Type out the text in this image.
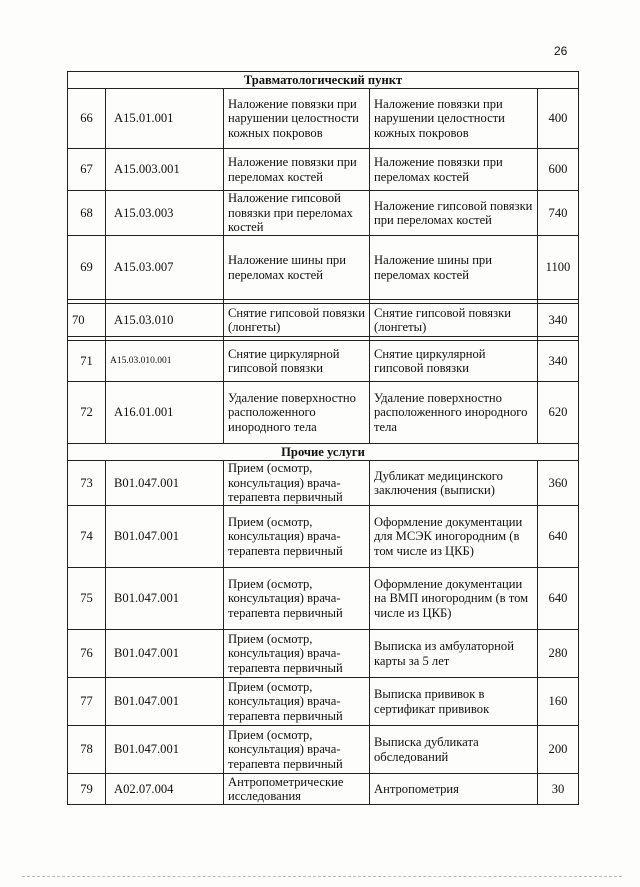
26
Травматологический пункт				
66	А15.01.001	Наложение повязки при нарушении целостности кожных покровов	Наложение повязки при нарушении целостности кожных покровов	400
67	А15.003.001	Наложение повязки при переломах костей	Наложение повязки при переломах костей	600
68	А15.03.003	Наложение гипсовой повязки при переломах костей	Наложение гипсовой повязки при переломах костей	740
69	А15.03.007	Наложение шины при переломах костей	Наложение шины при переломах костей	1100

70	А15.03.010	Снятие гипсовой повязки (лонгеты)	Снятие гипсовой повязки (лонгеты)	340

71	А15.03.010.001	Снятие циркулярной гипсовой повязки	Снятие циркулярной гипсовой повязки	340
72	А16.01.001	Удаление поверхностно расположенного инородного тела	Удаление поверхностно расположенного инородного тела	620
Прочие услуги				
73	В01.047.001	Прием (осмотр, консультация) врача-терапевта первичный	Дубликат медицинского заключения (выписки)	360
74	В01.047.001	Прием (осмотр, консультация) врача-терапевта первичный	Оформление документации для МСЭК иногородним (в том числе из ЦКБ)	640
75	В01.047.001	Прием (осмотр, консультация) врача-терапевта первичный	Оформление документации на ВМП иногородним (в том числе из ЦКБ)	640
76	В01.047.001	Прием (осмотр, консультация) врача-терапевта первичный	Выписка из амбулаторной карты за 5 лет	280
77	В01.047.001	Прием (осмотр, консультация) врача-терапевта первичный	Выписка прививок в сертификат прививок	160
78	В01.047.001	Прием (осмотр, консультация) врача-терапевта первичный	Выписка дубликата обследований	200
79	А02.07.004	Антропометрические исследования	Антропометрия	30
